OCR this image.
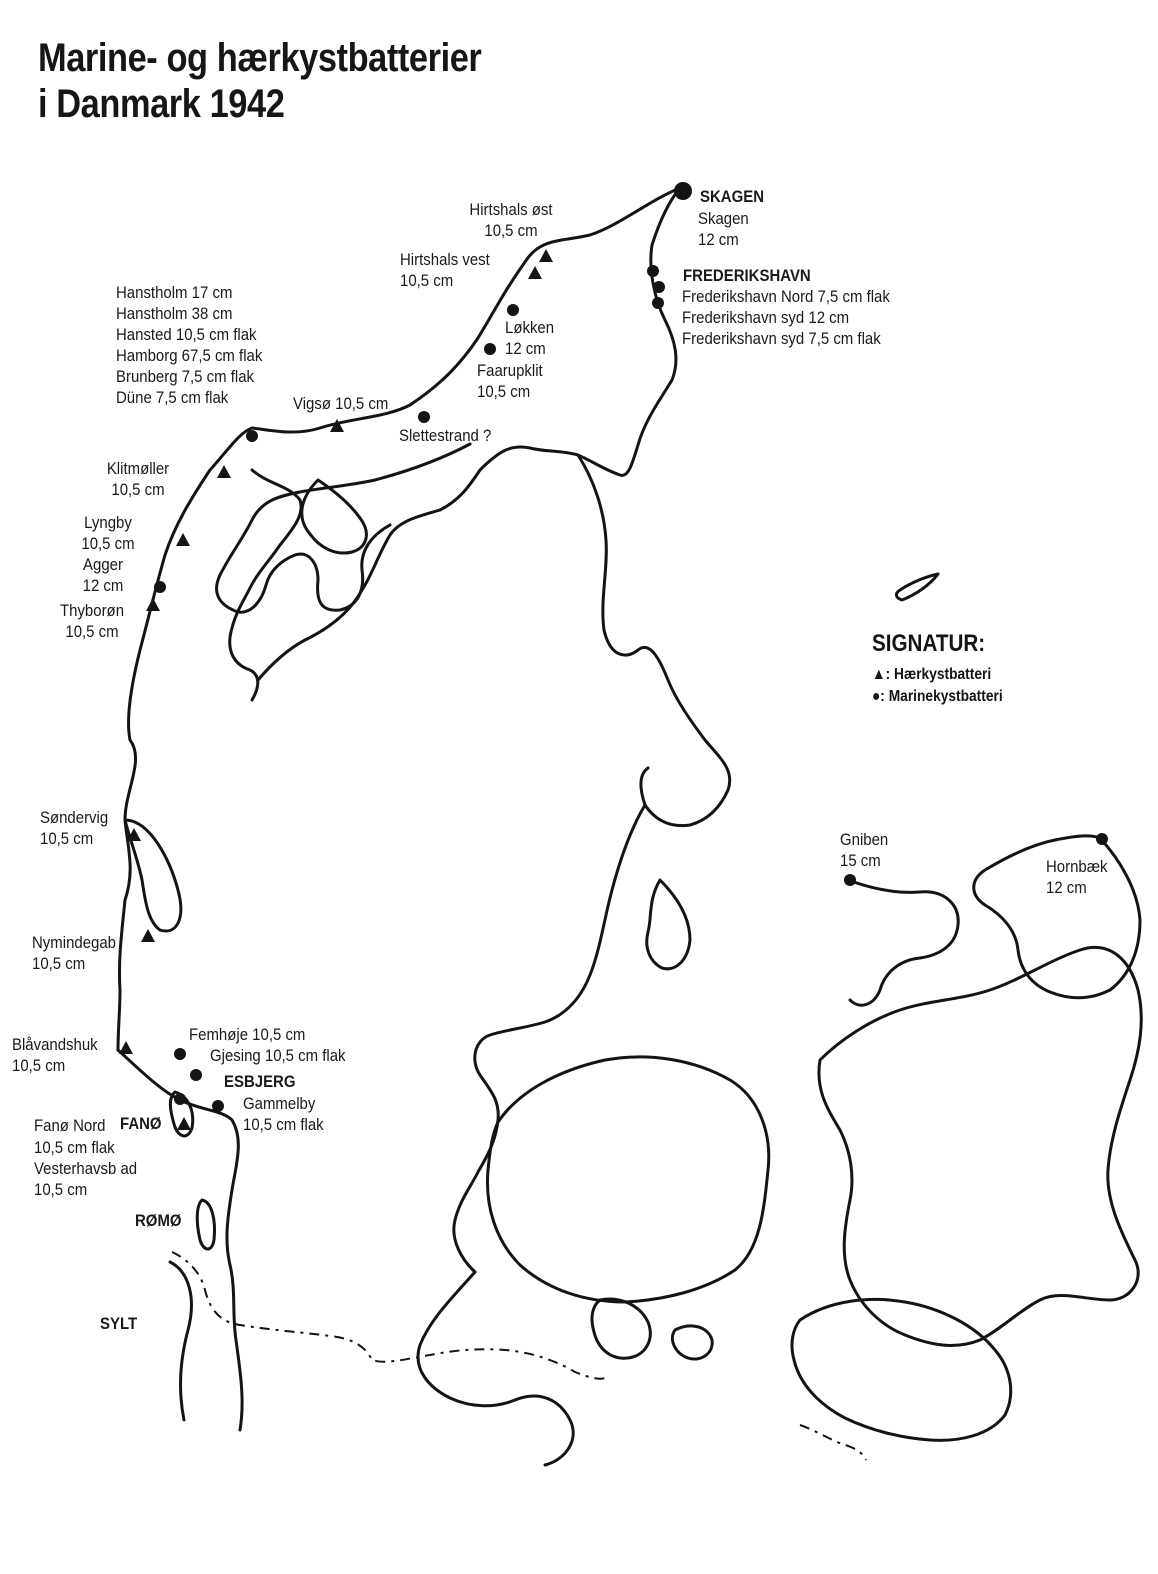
Marine- og hærkystbatterier
i Danmark 1942
SKAGEN
Skagen
12 cm
Hirtshals øst
10,5 cm
Hirtshals vest
10,5 cm	FREDERIKSHAVN
Frederikshavn Nord 7,5 cm flak
Frederikshavn syd 12 cm
Frederikshavn syd 7,5 cm flak
Hanstholm 17 cm
Hanstholm 38 cm
Hansted 10,5 cm flak
Hamborg 67,5 cm flak
Brunberg 7,5 cm flak
Düne 7,5 cm flak
Løkken
12 cm
Faarupklit
10,5 cm
Vigsø 10,5 cm
Slettestrand ?
Klitmøller
10,5 cm
Lyngby
10,5 cm
Agger
12 cm
Thyborøn
10,5 cm
Søndervig
10,5 cm
Nymindegab
10,5 cm
Blåvandshuk
10,5 cm
Femhøje 10,5 cm
Gjesing 10,5 cm flak
ESBJERG
Gammelby
10,5 cm flak
Fanø Nord FANØ
10,5 cm flak
Vesterhavsb ad
10,5 cm
RØMØ
SYLT
Gniben
15 cm	Hornbæk
12 cm
SIGNATUR:
▲: Hærkystbatteri
●: Marinekystbatteri
